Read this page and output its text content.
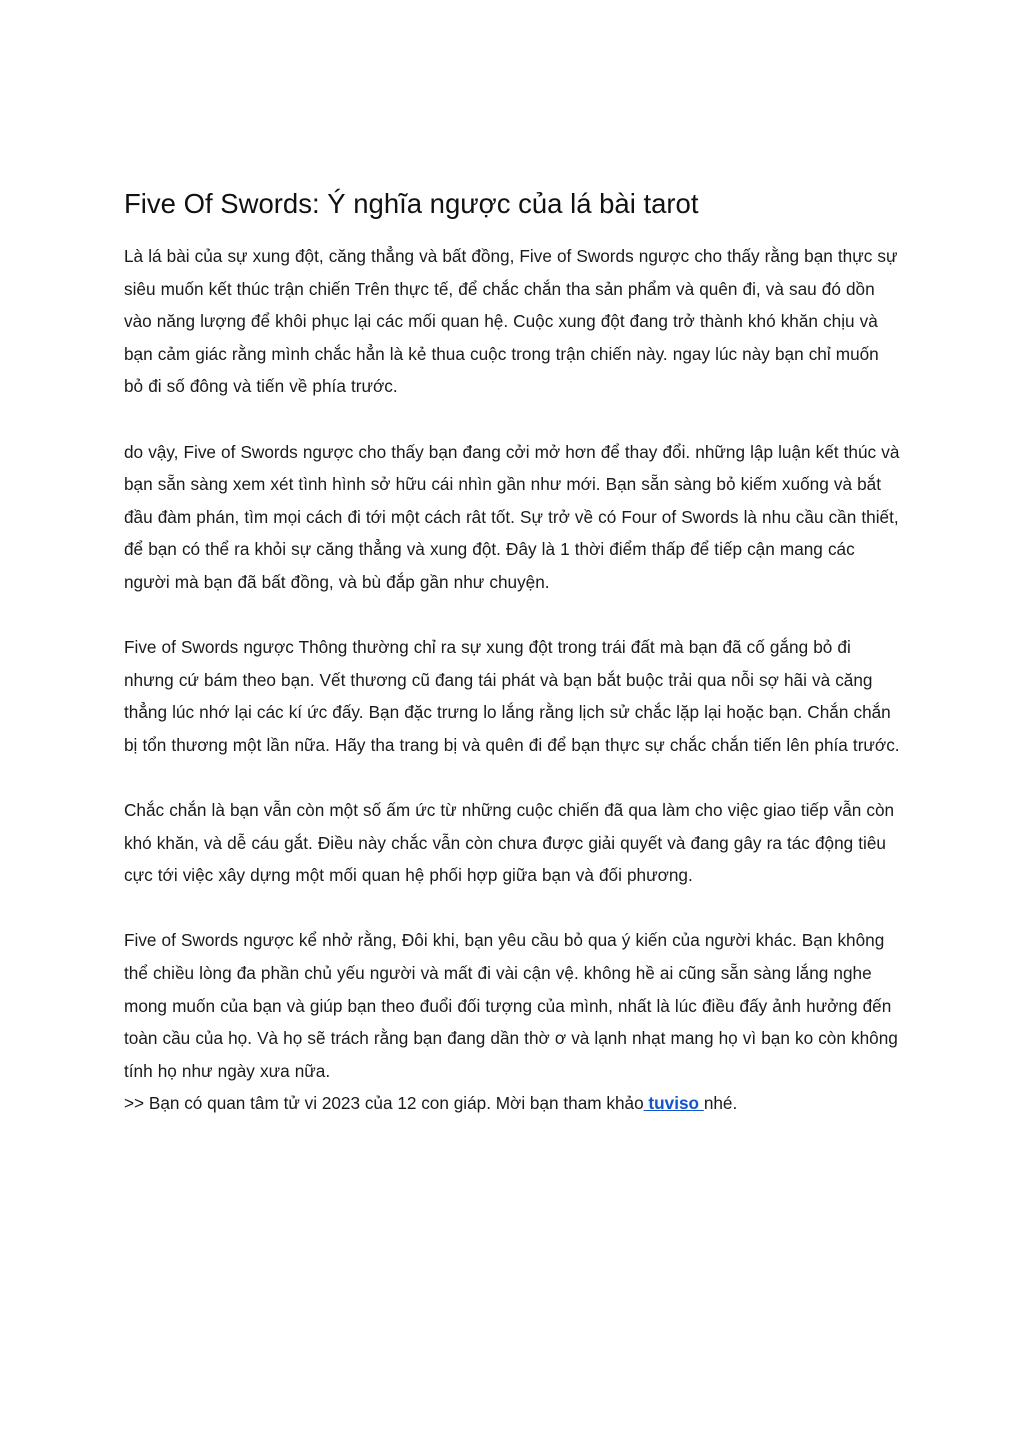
Five Of Swords: Ý nghĩa ngược của lá bài tarot

Là lá bài của sự xung đột, căng thẳng và bất đồng, Five of Swords ngược cho thấy rằng bạn thực sự siêu muốn kết thúc trận chiến Trên thực tế, để chắc chắn tha sản phẩm và quên đi, và sau đó dồn vào năng lượng để khôi phục lại các mối quan hệ. Cuộc xung đột đang trở thành khó khăn chịu và bạn cảm giác rằng mình chắc hẳn là kẻ thua cuộc trong trận chiến này. ngay lúc này bạn chỉ muốn bỏ đi số đông và tiến về phía trước.

do vậy, Five of Swords ngược cho thấy bạn đang cởi mở hơn để thay đổi. những lập luận kết thúc và bạn sẵn sàng xem xét tình hình sở hữu cái nhìn gần như mới. Bạn sẵn sàng bỏ kiếm xuống và bắt đầu đàm phán, tìm mọi cách đi tới một cách rât tốt. Sự trở về có Four of Swords là nhu cầu cần thiết, để bạn có thể ra khỏi sự căng thẳng và xung đột. Đây là 1 thời điểm thấp để tiếp cận mang các người mà bạn đã bất đồng, và bù đắp gần như chuyện.

Five of Swords ngược Thông thường chỉ ra sự xung đột trong trái đất mà bạn đã cố gắng bỏ đi nhưng cứ bám theo bạn. Vết thương cũ đang tái phát và bạn bắt buộc trải qua nỗi sợ hãi và căng thẳng lúc nhớ lại các kí ức đấy. Bạn đặc trưng lo lắng rằng lịch sử chắc lặp lại hoặc bạn. Chắn chắn bị tổn thương một lần nữa. Hãy tha trang bị và quên đi để bạn thực sự chắc chắn tiến lên phía trước.

Chắc chắn là bạn vẫn còn một số ấm ức từ những cuộc chiến đã qua làm cho việc giao tiếp vẫn còn khó khăn, và dễ cáu gắt. Điều này chắc vẫn còn chưa được giải quyết và đang gây ra tác động tiêu cực tới việc xây dựng một mối quan hệ phối hợp giữa bạn và đối phương.

Five of Swords ngược kể nhở rằng, Đôi khi, bạn yêu cầu bỏ qua ý kiến của người khác. Bạn không thể chiều lòng đa phần chủ yếu người và mất đi vài cận vệ. không hề ai cũng sẵn sàng lắng nghe mong muốn của bạn và giúp bạn theo đuổi đối tượng của mình, nhất là lúc điều đấy ảnh hưởng đến toàn cầu của họ. Và họ sẽ trách rằng bạn đang dần thờ ơ và lạnh nhạt mang họ vì bạn ko còn không tính họ như ngày xưa nữa.

>> Bạn có quan tâm tử vi 2023 của 12 con giáp. Mời bạn tham khảo tuviso nhé.
